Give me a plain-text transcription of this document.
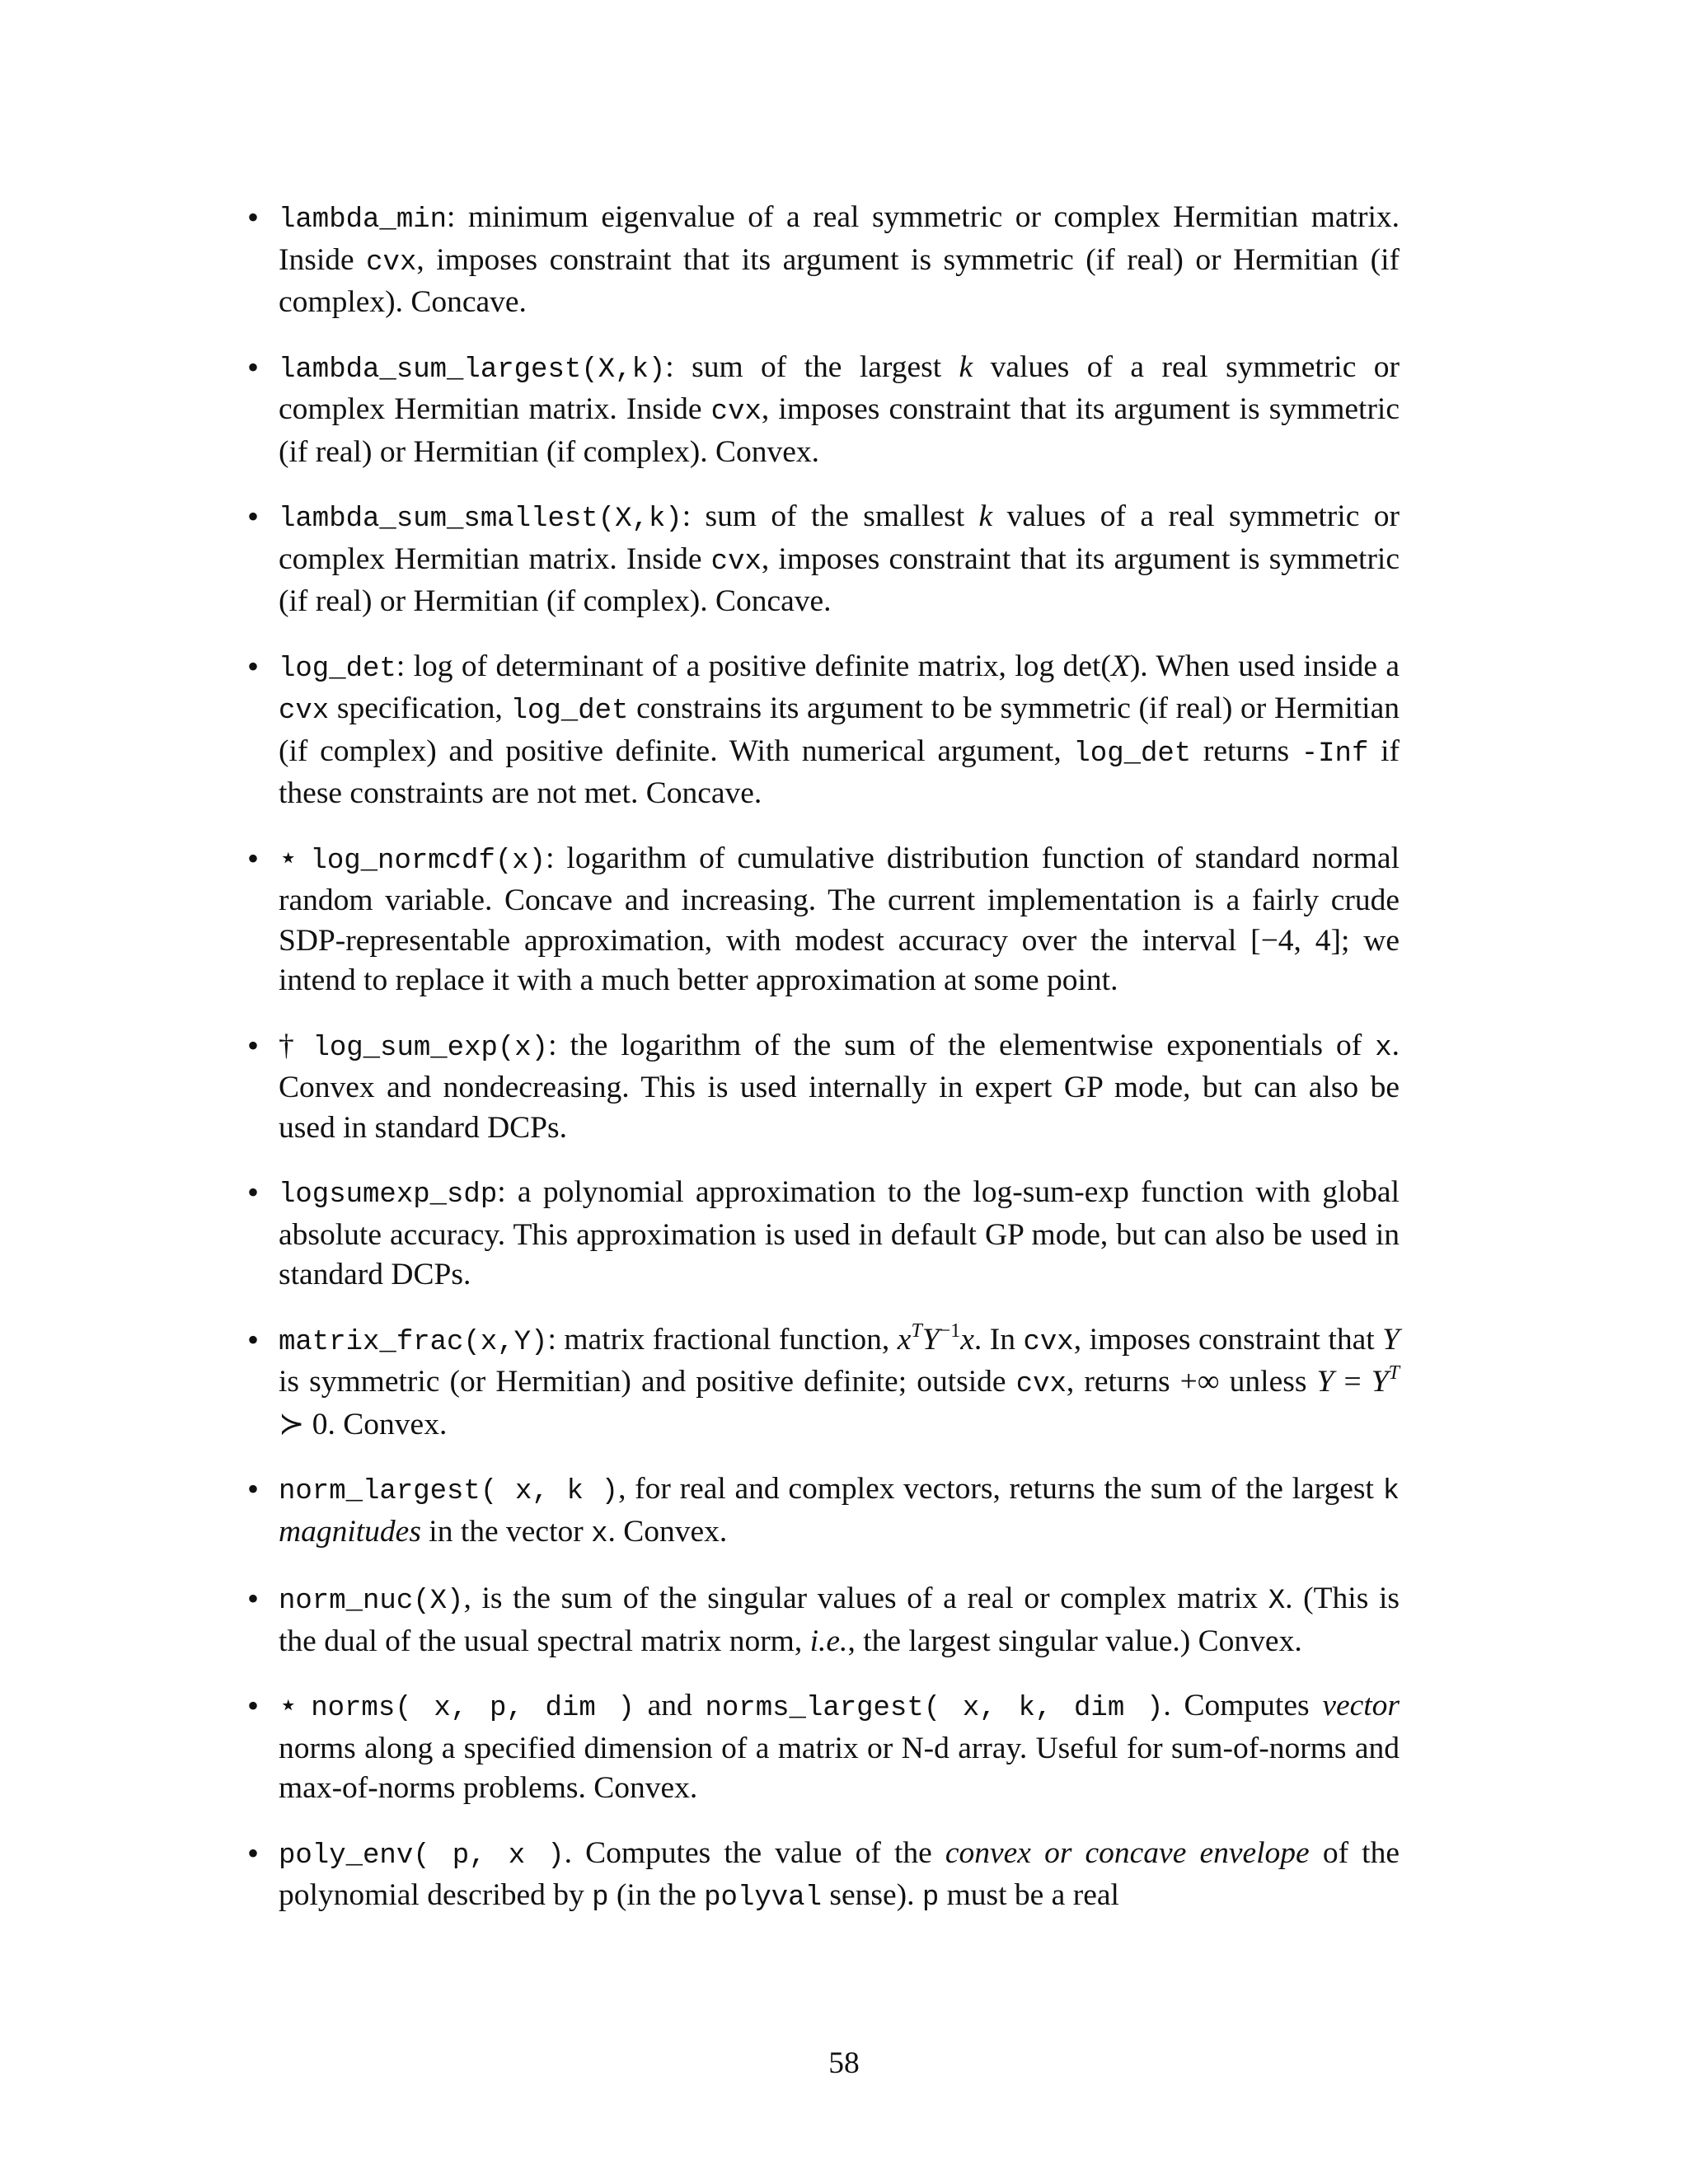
• lambda_min: minimum eigenvalue of a real symmetric or complex Hermitian matrix. Inside cvx, imposes constraint that its argument is symmetric (if real) or Hermitian (if complex). Concave.
• lambda_sum_largest(X,k): sum of the largest k values of a real symmetric or complex Hermitian matrix. Inside cvx, imposes constraint that its argument is symmetric (if real) or Hermitian (if complex). Convex.
• lambda_sum_smallest(X,k): sum of the smallest k values of a real symmetric or complex Hermitian matrix. Inside cvx, imposes constraint that its argument is symmetric (if real) or Hermitian (if complex). Concave.
• log_det: log of determinant of a positive definite matrix, log det(X). When used inside a cvx specification, log_det constrains its argument to be symmetric (if real) or Hermitian (if complex) and positive definite. With numerical argument, log_det returns -Inf if these constraints are not met. Concave.
• ⋆ log_normcdf(x): logarithm of cumulative distribution function of standard normal random variable. Concave and increasing. The current implementation is a fairly crude SDP-representable approximation, with modest accuracy over the interval [−4, 4]; we intend to replace it with a much better approximation at some point.
• † log_sum_exp(x): the logarithm of the sum of the elementwise exponentials of x. Convex and nondecreasing. This is used internally in expert GP mode, but can also be used in standard DCPs.
• logsumexp_sdp: a polynomial approximation to the log-sum-exp function with global absolute accuracy. This approximation is used in default GP mode, but can also be used in standard DCPs.
• matrix_frac(x,Y): matrix fractional function, $x^TY^{-1}x$. In cvx, imposes constraint that Y is symmetric (or Hermitian) and positive definite; outside cvx, returns +∞ unless $Y = Y^T$ ≻ 0. Convex.
• norm_largest( x, k ), for real and complex vectors, returns the sum of the largest k magnitudes in the vector x. Convex.
• norm_nuc(X), is the sum of the singular values of a real or complex matrix X. (This is the dual of the usual spectral matrix norm, i.e., the largest singular value.) Convex.
• ⋆ norms( x, p, dim ) and norms_largest( x, k, dim ). Computes vector norms along a specified dimension of a matrix or N-d array. Useful for sum-of-norms and max-of-norms problems. Convex.
• poly_env( p, x ). Computes the value of the convex or concave envelope of the polynomial described by p (in the polyval sense). p must be a real
58
